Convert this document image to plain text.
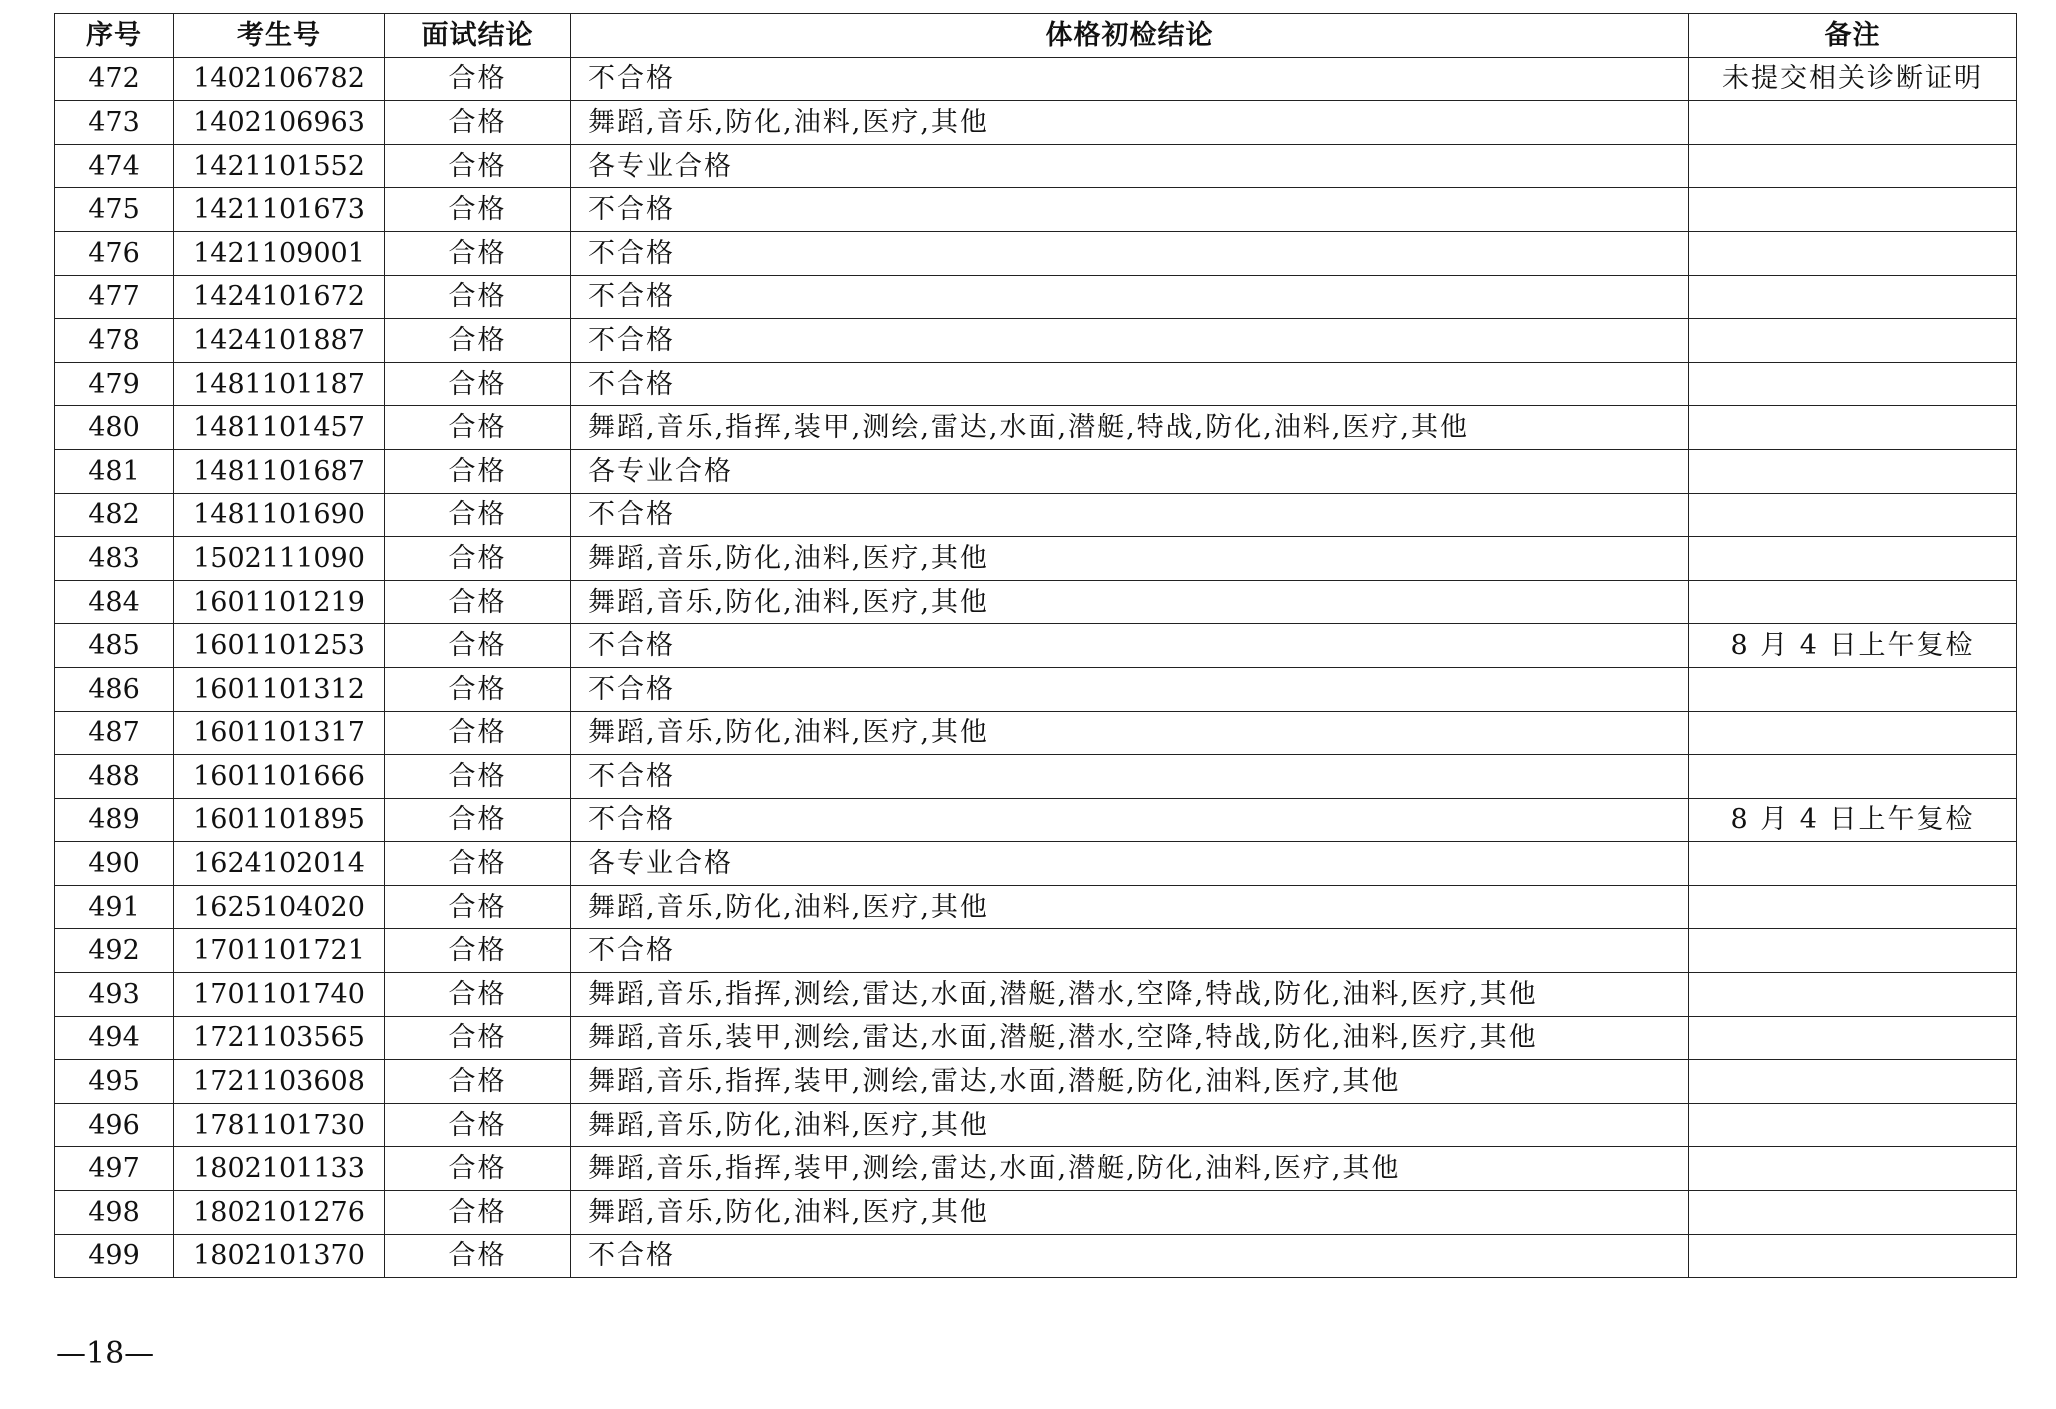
序号	考生号	面试结论	体格初检结论	备注
472	1402106782	合格	不合格	未提交相关诊断证明
473	1402106963	合格	舞蹈,音乐,防化,油料,医疗,其他	
474	1421101552	合格	各专业合格	
475	1421101673	合格	不合格	
476	1421109001	合格	不合格	
477	1424101672	合格	不合格	
478	1424101887	合格	不合格	
479	1481101187	合格	不合格	
480	1481101457	合格	舞蹈,音乐,指挥,装甲,测绘,雷达,水面,潜艇,特战,防化,油料,医疗,其他	
481	1481101687	合格	各专业合格	
482	1481101690	合格	不合格	
483	1502111090	合格	舞蹈,音乐,防化,油料,医疗,其他	
484	1601101219	合格	舞蹈,音乐,防化,油料,医疗,其他	
485	1601101253	合格	不合格	8 月 4 日上午复检
486	1601101312	合格	不合格	
487	1601101317	合格	舞蹈,音乐,防化,油料,医疗,其他	
488	1601101666	合格	不合格	
489	1601101895	合格	不合格	8 月 4 日上午复检
490	1624102014	合格	各专业合格	
491	1625104020	合格	舞蹈,音乐,防化,油料,医疗,其他	
492	1701101721	合格	不合格	
493	1701101740	合格	舞蹈,音乐,指挥,测绘,雷达,水面,潜艇,潜水,空降,特战,防化,油料,医疗,其他	
494	1721103565	合格	舞蹈,音乐,装甲,测绘,雷达,水面,潜艇,潜水,空降,特战,防化,油料,医疗,其他	
495	1721103608	合格	舞蹈,音乐,指挥,装甲,测绘,雷达,水面,潜艇,防化,油料,医疗,其他	
496	1781101730	合格	舞蹈,音乐,防化,油料,医疗,其他	
497	1802101133	合格	舞蹈,音乐,指挥,装甲,测绘,雷达,水面,潜艇,防化,油料,医疗,其他	
498	1802101276	合格	舞蹈,音乐,防化,油料,医疗,其他	
499	1802101370	合格	不合格	
—18—
